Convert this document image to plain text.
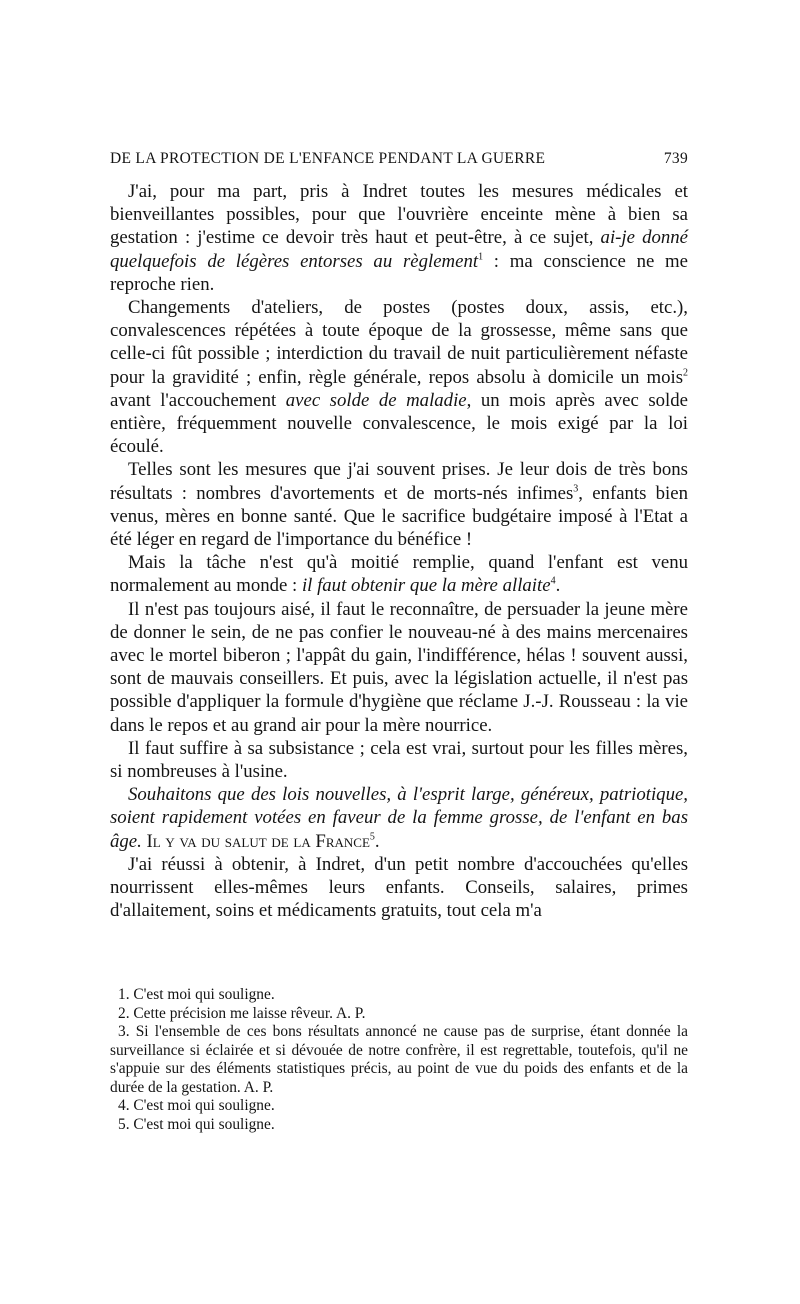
DE LA PROTECTION DE L'ENFANCE PENDANT LA GUERRE	739

J'ai, pour ma part, pris à Indret toutes les mesures médicales et bienveillantes possibles, pour que l'ouvrière enceinte mène à bien sa gestation : j'estime ce devoir très haut et peut-être, à ce sujet, ai-je donné quelquefois de légères entorses au règlement$^1$ : ma conscience ne me reproche rien.

Changements d'ateliers, de postes (postes doux, assis, etc.), convalescences répétées à toute époque de la grossesse, même sans que celle-ci fût possible ; interdiction du travail de nuit particulièrement néfaste pour la gravidité ; enfin, règle générale, repos absolu à domicile un mois$^2$ avant l'accouchement avec solde de maladie, un mois après avec solde entière, fréquemment nouvelle convalescence, le mois exigé par la loi écoulé.

Telles sont les mesures que j'ai souvent prises. Je leur dois de très bons résultats : nombres d'avortements et de morts-nés infimes$^3$, enfants bien venus, mères en bonne santé. Que le sacrifice budgétaire imposé à l'Etat a été léger en regard de l'importance du bénéfice !

Mais la tâche n'est qu'à moitié remplie, quand l'enfant est venu normalement au monde : il faut obtenir que la mère allaite$^4$.

Il n'est pas toujours aisé, il faut le reconnaître, de persuader la jeune mère de donner le sein, de ne pas confier le nouveau-né à des mains mercenaires avec le mortel biberon ; l'appât du gain, l'indifférence, hélas ! souvent aussi, sont de mauvais conseillers. Et puis, avec la législation actuelle, il n'est pas possible d'appliquer la formule d'hygiène que réclame J.-J. Rousseau : la vie dans le repos et au grand air pour la mère nourrice.

Il faut suffire à sa subsistance ; cela est vrai, surtout pour les filles mères, si nombreuses à l'usine.

Souhaitons que des lois nouvelles, à l'esprit large, généreux, patriotique, soient rapidement votées en faveur de la femme grosse, de l'enfant en bas âge. Il y va du salut de la France$^5$.

J'ai réussi à obtenir, à Indret, d'un petit nombre d'accouchées qu'elles nourrissent elles-mêmes leurs enfants. Conseils, salaires, primes d'allaitement, soins et médicaments gratuits, tout cela m'a

1. C'est moi qui souligne.

2. Cette précision me laisse rêveur. A. P.

3. Si l'ensemble de ces bons résultats annoncé ne cause pas de surprise, étant donnée la surveillance si éclairée et si dévouée de notre confrère, il est regrettable, toutefois, qu'il ne s'appuie sur des éléments statistiques précis, au point de vue du poids des enfants et de la durée de la gestation. A. P.

4. C'est moi qui souligne.

5. C'est moi qui souligne.
